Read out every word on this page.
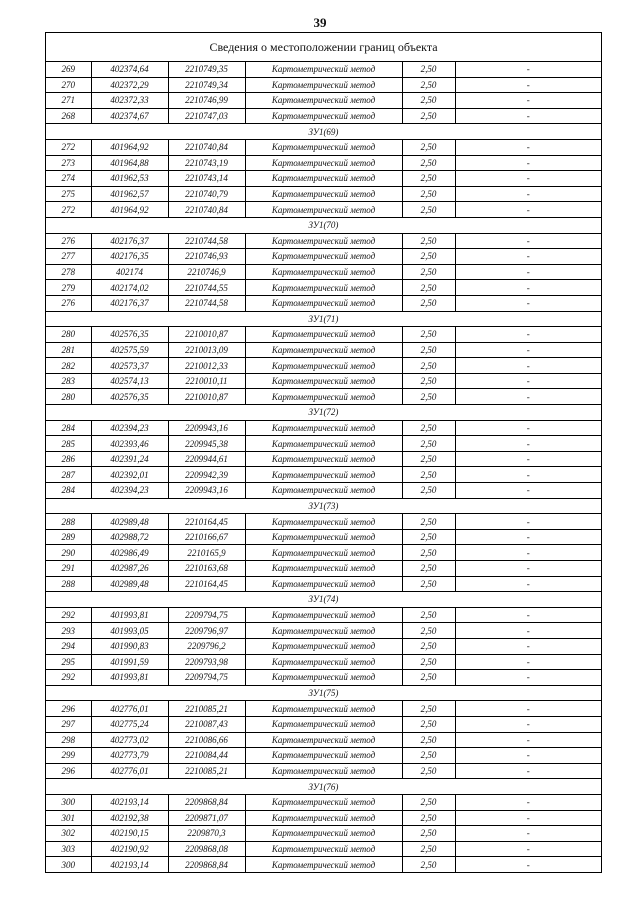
39
Сведения о местоположении границ объекта
269	402374,64	2210749,35	Картометрический метод	2,50	-
270	402372,29	2210749,34	Картометрический метод	2,50	-
271	402372,33	2210746,99	Картометрический метод	2,50	-
268	402374,67	2210747,03	Картометрический метод	2,50	-
ЗУ1(69)					
272	401964,92	2210740,84	Картометрический метод	2,50	-
273	401964,88	2210743,19	Картометрический метод	2,50	-
274	401962,53	2210743,14	Картометрический метод	2,50	-
275	401962,57	2210740,79	Картометрический метод	2,50	-
272	401964,92	2210740,84	Картометрический метод	2,50	-
ЗУ1(70)					
276	402176,37	2210744,58	Картометрический метод	2,50	-
277	402176,35	2210746,93	Картометрический метод	2,50	-
278	402174	2210746,9	Картометрический метод	2,50	-
279	402174,02	2210744,55	Картометрический метод	2,50	-
276	402176,37	2210744,58	Картометрический метод	2,50	-
ЗУ1(71)					
280	402576,35	2210010,87	Картометрический метод	2,50	-
281	402575,59	2210013,09	Картометрический метод	2,50	-
282	402573,37	2210012,33	Картометрический метод	2,50	-
283	402574,13	2210010,11	Картометрический метод	2,50	-
280	402576,35	2210010,87	Картометрический метод	2,50	-
ЗУ1(72)					
284	402394,23	2209943,16	Картометрический метод	2,50	-
285	402393,46	2209945,38	Картометрический метод	2,50	-
286	402391,24	2209944,61	Картометрический метод	2,50	-
287	402392,01	2209942,39	Картометрический метод	2,50	-
284	402394,23	2209943,16	Картометрический метод	2,50	-
ЗУ1(73)					
288	402989,48	2210164,45	Картометрический метод	2,50	-
289	402988,72	2210166,67	Картометрический метод	2,50	-
290	402986,49	2210165,9	Картометрический метод	2,50	-
291	402987,26	2210163,68	Картометрический метод	2,50	-
288	402989,48	2210164,45	Картометрический метод	2,50	-
ЗУ1(74)					
292	401993,81	2209794,75	Картометрический метод	2,50	-
293	401993,05	2209796,97	Картометрический метод	2,50	-
294	401990,83	2209796,2	Картометрический метод	2,50	-
295	401991,59	2209793,98	Картометрический метод	2,50	-
292	401993,81	2209794,75	Картометрический метод	2,50	-
ЗУ1(75)					
296	402776,01	2210085,21	Картометрический метод	2,50	-
297	402775,24	2210087,43	Картометрический метод	2,50	-
298	402773,02	2210086,66	Картометрический метод	2,50	-
299	402773,79	2210084,44	Картометрический метод	2,50	-
296	402776,01	2210085,21	Картометрический метод	2,50	-
ЗУ1(76)					
300	402193,14	2209868,84	Картометрический метод	2,50	-
301	402192,38	2209871,07	Картометрический метод	2,50	-
302	402190,15	2209870,3	Картометрический метод	2,50	-
303	402190,92	2209868,08	Картометрический метод	2,50	-
300	402193,14	2209868,84	Картометрический метод	2,50	-
